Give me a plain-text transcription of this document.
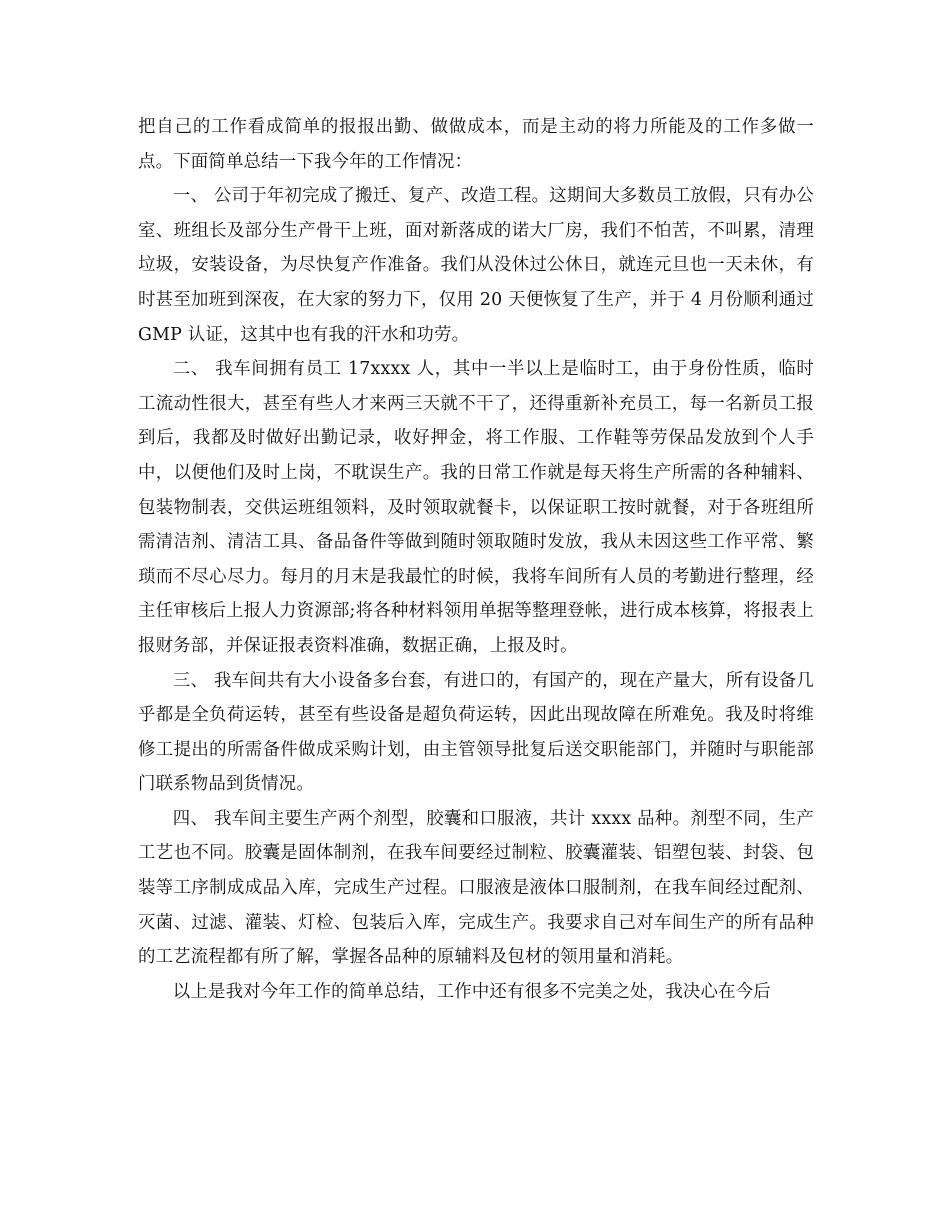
把自己的工作看成简单的报报出勤、做做成本，而是主动的将力所能及的工作多做一点。下面简单总结一下我今年的工作情况：

一、 公司于年初完成了搬迁、复产、改造工程。这期间大多数员工放假，只有办公室、班组长及部分生产骨干上班，面对新落成的诺大厂房，我们不怕苦，不叫累，清理垃圾，安装设备，为尽快复产作准备。我们从没休过公休日，就连元旦也一天未休，有时甚至加班到深夜，在大家的努力下，仅用 20 天便恢复了生产，并于 4 月份顺利通过 GMP 认证，这其中也有我的汗水和功劳。

二、 我车间拥有员工 17xxxx 人，其中一半以上是临时工，由于身份性质，临时工流动性很大，甚至有些人才来两三天就不干了，还得重新补充员工，每一名新员工报到后，我都及时做好出勤记录，收好押金，将工作服、工作鞋等劳保品发放到个人手中，以便他们及时上岗，不耽误生产。我的日常工作就是每天将生产所需的各种辅料、包装物制表，交供运班组领料，及时领取就餐卡，以保证职工按时就餐，对于各班组所需清洁剂、清洁工具、备品备件等做到随时领取随时发放，我从未因这些工作平常、繁琐而不尽心尽力。每月的月末是我最忙的时候，我将车间所有人员的考勤进行整理，经主任审核后上报人力资源部;将各种材料领用单据等整理登帐，进行成本核算，将报表上报财务部，并保证报表资料准确，数据正确，上报及时。

三、 我车间共有大小设备多台套，有进口的，有国产的，现在产量大，所有设备几乎都是全负荷运转，甚至有些设备是超负荷运转，因此出现故障在所难免。我及时将维修工提出的所需备件做成采购计划，由主管领导批复后送交职能部门，并随时与职能部门联系物品到货情况。

四、 我车间主要生产两个剂型，胶囊和口服液，共计 xxxx 品种。剂型不同，生产工艺也不同。胶囊是固体制剂，在我车间要经过制粒、胶囊灌装、铝塑包装、封袋、包装等工序制成成品入库，完成生产过程。口服液是液体口服制剂，在我车间经过配剂、灭菌、过滤、灌装、灯检、包装后入库，完成生产。我要求自己对车间生产的所有品种的工艺流程都有所了解，掌握各品种的原辅料及包材的领用量和消耗。

以上是我对今年工作的简单总结，工作中还有很多不完美之处，我决心在今后
